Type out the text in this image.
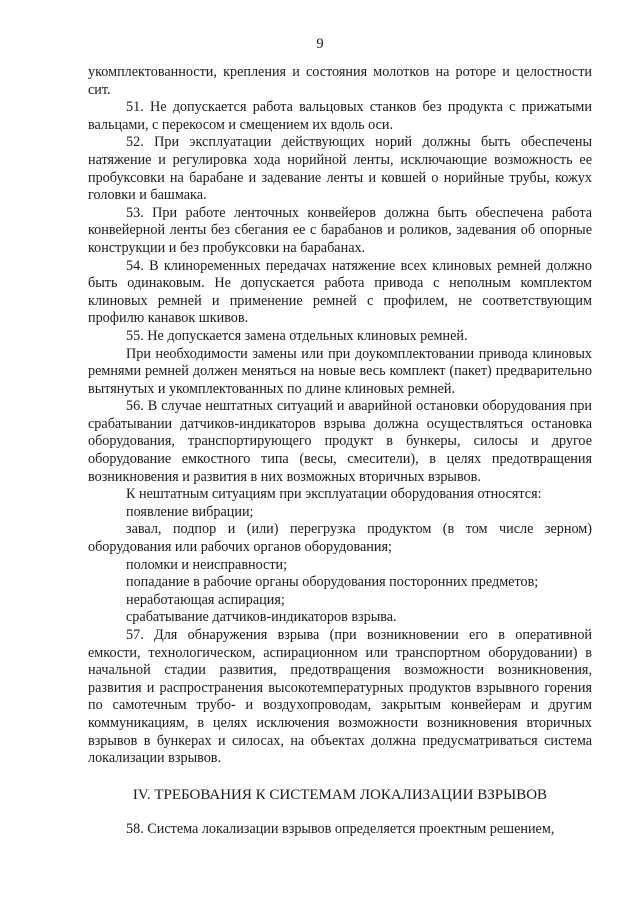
9

укомплектованности, крепления и состояния молотков на роторе и целостности сит.

51. Не допускается работа вальцовых станков без продукта с прижатыми вальцами, с перекосом и смещением их вдоль оси.

52. При эксплуатации действующих норий должны быть обеспечены натяжение и регулировка хода норийной ленты, исключающие возможность ее пробуксовки на барабане и задевание ленты и ковшей о норийные трубы, кожух головки и башмака.

53. При работе ленточных конвейеров должна быть обеспечена работа конвейерной ленты без сбегания ее с барабанов и роликов, задевания об опорные конструкции и без пробуксовки на барабанах.

54. В клиноременных передачах натяжение всех клиновых ремней должно быть одинаковым. Не допускается работа привода с неполным комплектом клиновых ремней и применение ремней с профилем, не соответствующим профилю канавок шкивов.

55. Не допускается замена отдельных клиновых ремней.

При необходимости замены или при доукомплектовании привода клиновых ремнями ремней должен меняться на новые весь комплект (пакет) предварительно вытянутых и укомплектованных по длине клиновых ремней.

56. В случае нештатных ситуаций и аварийной остановки оборудования при срабатывании датчиков-индикаторов взрыва должна осуществляться остановка оборудования, транспортирующего продукт в бункеры, силосы и другое оборудование емкостного типа (весы, смесители), в целях предотвращения возникновения и развития в них возможных вторичных взрывов.

К нештатным ситуациям при эксплуатации оборудования относятся:

появление вибрации;

завал, подпор и (или) перегрузка продуктом (в том числе зерном) оборудования или рабочих органов оборудования;

поломки и неисправности;

попадание в рабочие органы оборудования посторонних предметов;

неработающая аспирация;

срабатывание датчиков-индикаторов взрыва.

57. Для обнаружения взрыва (при возникновении его в оперативной емкости, технологическом, аспирационном или транспортном оборудовании) в начальной стадии развития, предотвращения возможности возникновения, развития и распространения высокотемпературных продуктов взрывного горения по самотечным трубо- и воздухопроводам, закрытым конвейерам и другим коммуникациям, в целях исключения возможности возникновения вторичных взрывов в бункерах и силосах, на объектах должна предусматриваться система локализации взрывов.

IV. ТРЕБОВАНИЯ К СИСТЕМАМ ЛОКАЛИЗАЦИИ ВЗРЫВОВ

58. Система локализации взрывов определяется проектным решением,
